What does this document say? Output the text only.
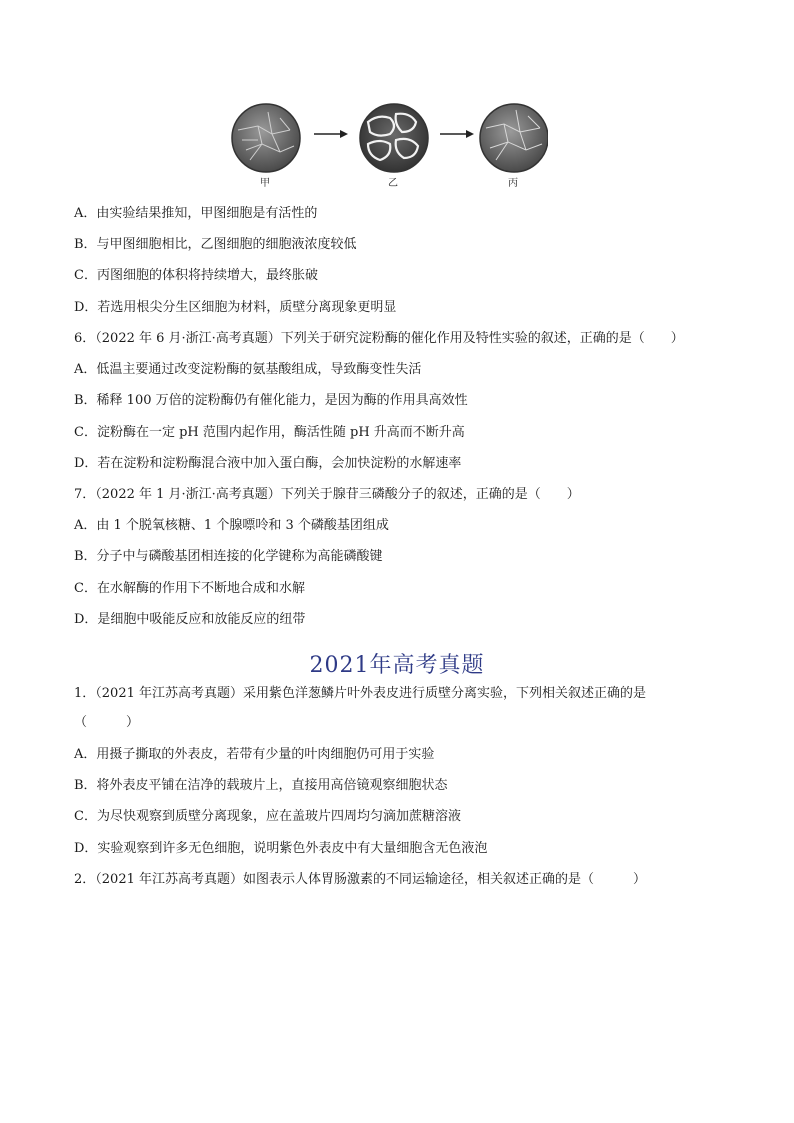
甲	乙	丙
A．由实验结果推知，甲图细胞是有活性的
B．与甲图细胞相比，乙图细胞的细胞液浓度较低
C．丙图细胞的体积将持续增大，最终胀破
D．若选用根尖分生区细胞为材料，质壁分离现象更明显
6．（2022 年 6 月·浙江·高考真题）下列关于研究淀粉酶的催化作用及特性实验的叙述，正确的是（　　）
A．低温主要通过改变淀粉酶的氨基酸组成，导致酶变性失活
B．稀释 100 万倍的淀粉酶仍有催化能力，是因为酶的作用具高效性
C．淀粉酶在一定 pH 范围内起作用，酶活性随 pH 升高而不断升高
D．若在淀粉和淀粉酶混合液中加入蛋白酶，会加快淀粉的水解速率
7．（2022 年 1 月·浙江·高考真题）下列关于腺苷三磷酸分子的叙述，正确的是（　　）
A．由 1 个脱氧核糖、1 个腺嘌呤和 3 个磷酸基团组成
B．分子中与磷酸基团相连接的化学键称为高能磷酸键
C．在水解酶的作用下不断地合成和水解
D．是细胞中吸能反应和放能反应的纽带
2021年高考真题
1．（2021 年江苏高考真题）采用紫色洋葱鳞片叶外表皮进行质壁分离实验，下列相关叙述正确的是
（　　　）
A．用摄子撕取的外表皮，若带有少量的叶肉细胞仍可用于实验
B．将外表皮平铺在洁净的载玻片上，直接用高倍镜观察细胞状态
C．为尽快观察到质壁分离现象，应在盖玻片四周均匀滴加蔗糖溶液
D．实验观察到许多无色细胞，说明紫色外表皮中有大量细胞含无色液泡
2．（2021 年江苏高考真题）如图表示人体胃肠激素的不同运输途径，相关叙述正确的是（　　　）
